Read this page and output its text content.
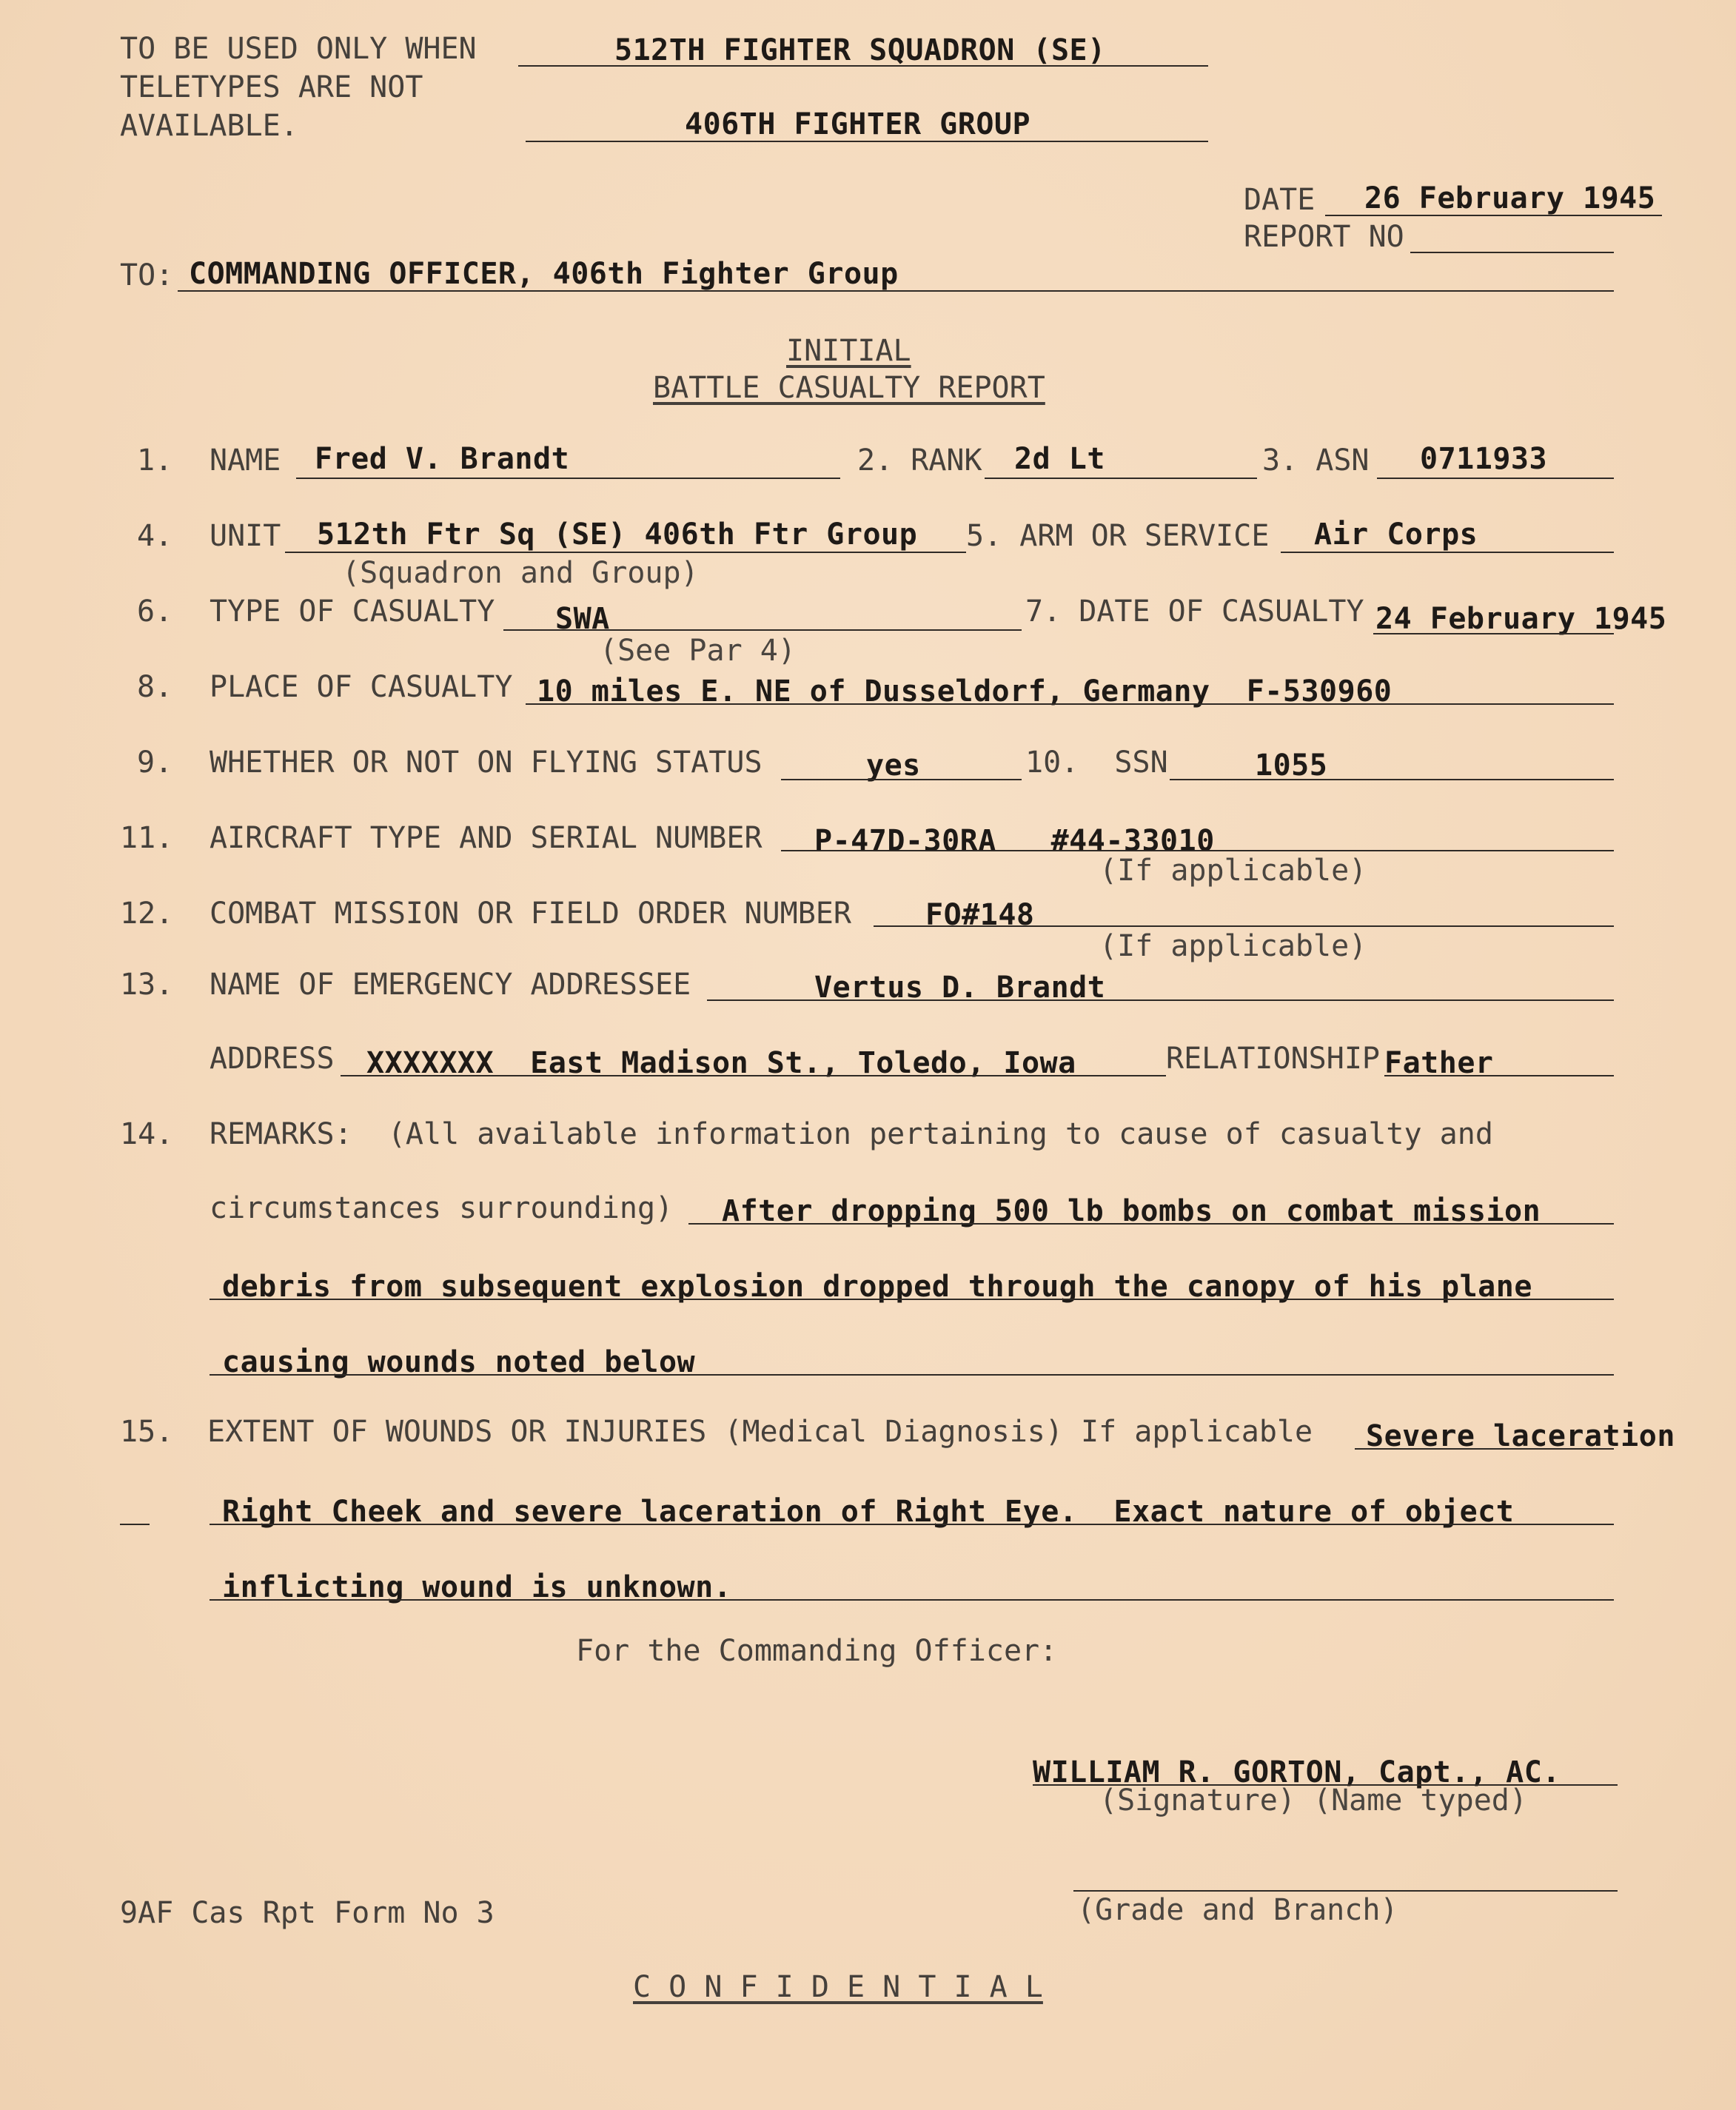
TO BE USED ONLY WHEN
TELETYPES ARE NOT
AVAILABLE.
512TH FIGHTER SQUADRON (SE)
406TH FIGHTER GROUP
DATE 26 February 1945
REPORT NO
TO: COMMANDING OFFICER, 406th Fighter Group
INITIAL
BATTLE CASUALTY REPORT
1. NAME Fred V. Brandt	2. RANK 2d Lt	3. ASN 0711933
4. UNIT 512th Ftr Sq (SE) 406th Ftr Group
(Squadron and Group)
5. ARM OR SERVICE Air Corps
6. TYPE OF CASUALTY SWA
(See Par 4)
7. DATE OF CASUALTY 24 February 1945
8. PLACE OF CASUALTY 10 miles E. NE of Dusseldorf, Germany  F-530960
9. WHETHER OR NOT ON FLYING STATUS	yes	10.  SSN	1055
11. AIRCRAFT TYPE AND SERIAL NUMBER P-47D-30RA   #44-33010
(If applicable)
12. COMBAT MISSION OR FIELD ORDER NUMBER	FO#148
(If applicable)
13. NAME OF EMERGENCY ADDRESSEE	Vertus D. Brandt
ADDRESS XXXXXXX  East Madison St., Toledo, Iowa	RELATIONSHIP Father
14. REMARKS:  (All available information pertaining to cause of casualty and
circumstances surrounding) After dropping 500 lb bombs on combat mission
debris from subsequent explosion dropped through the canopy of his plane
causing wounds noted below
15. EXTENT OF WOUNDS OR INJURIES (Medical Diagnosis) If applicable Severe laceration
Right Cheek and severe laceration of Right Eye.  Exact nature of object
inflicting wound is unknown.
For the Commanding Officer:
WILLIAM R. GORTON, Capt., AC.
(Signature) (Name typed)
(Grade and Branch)
9AF Cas Rpt Form No 3
C O N F I D E N T I A L
